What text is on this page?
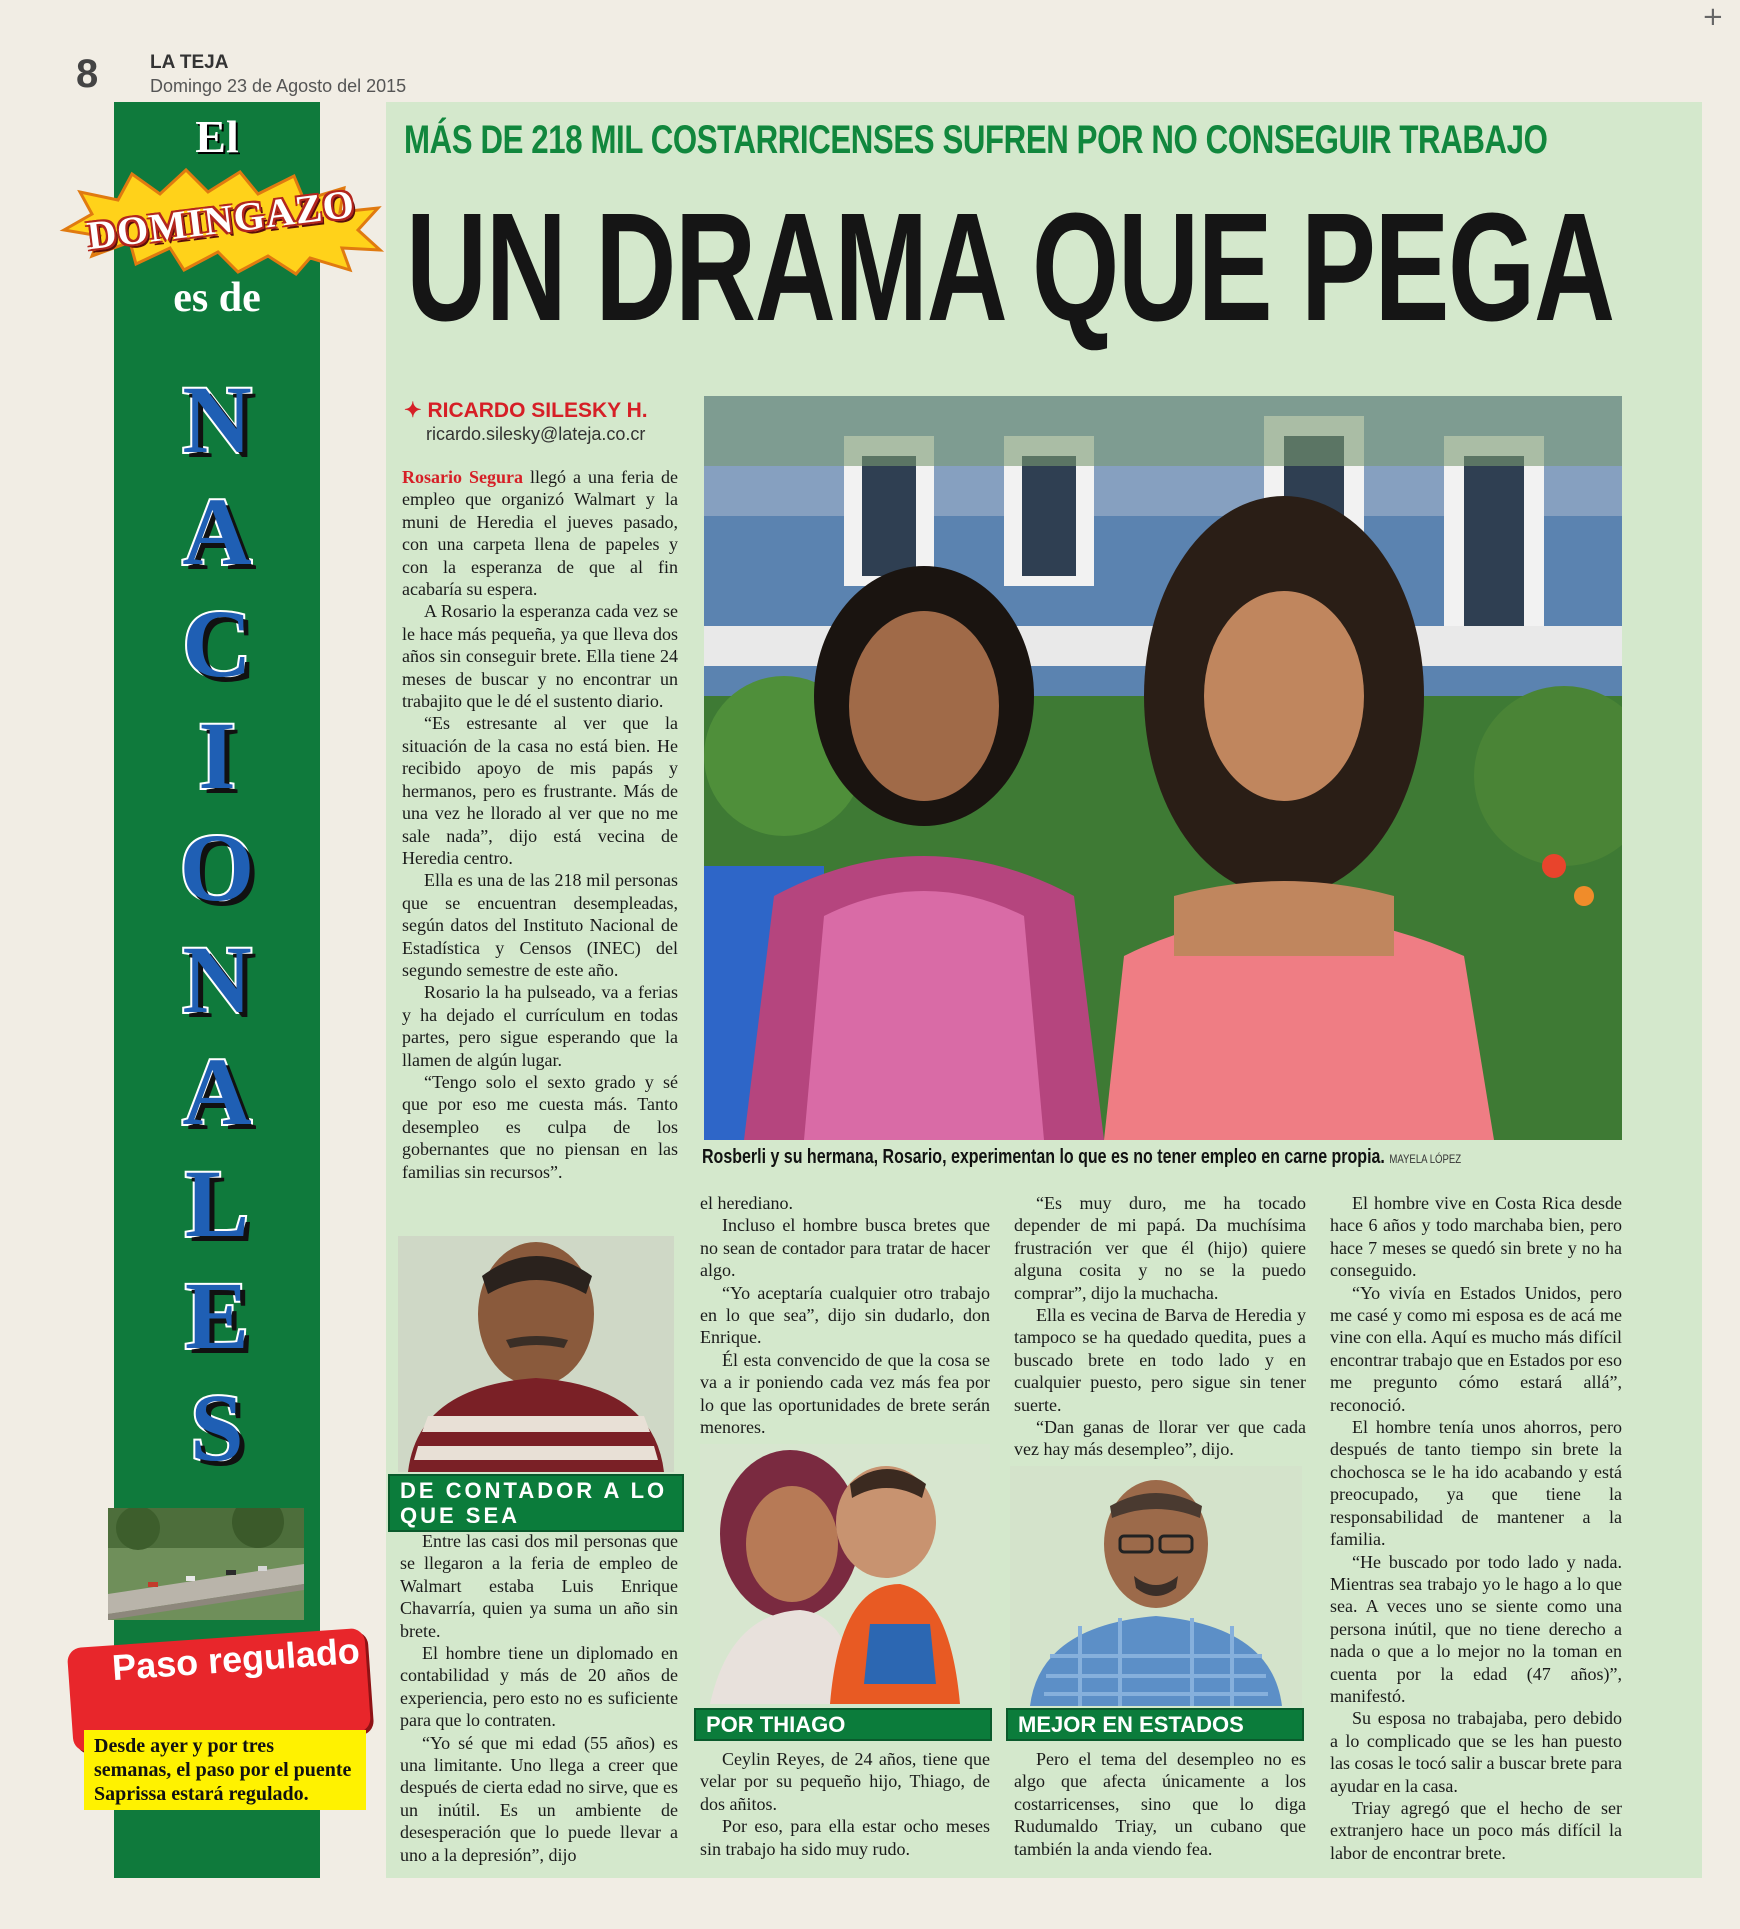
8	LA TEJA
Domingo 23 de Agosto del 2015
+
El
DOMINGAZO
es de
N
A
C
I
O
N
A
L
E
S
Paso regulado
Desde ayer y por tres semanas, el paso por el puente Saprissa estará regulado.
MÁS DE 218 MIL COSTARRICENSES SUFREN POR NO CONSEGUIR TRABAJO
UN DRAMA QUE PEGA
✦ RICARDO SILESKY H.
ricardo.silesky@lateja.co.cr

Rosario Segura llegó a una feria de empleo que organizó Walmart y la muni de Heredia el jueves pasado, con una carpeta llena de papeles y con la esperanza de que al fin acabaría su espera.

A Rosario la esperanza cada vez se le hace más pequeña, ya que lleva dos años sin conseguir brete. Ella tiene 24 meses de buscar y no encontrar un trabajito que le dé el sustento diario.

“Es estresante al ver que la situación de la casa no está bien. He recibido apoyo de mis papás y hermanos, pero es frustrante. Más de una vez he llorado al ver que no me sale nada”, dijo está vecina de Heredia centro.

Ella es una de las 218 mil personas que se encuentran desempleadas, según datos del Instituto Nacional de Estadística y Censos (INEC) del segundo semestre de este año.

Rosario la ha pulseado, va a ferias y ha dejado el currículum en todas partes, pero sigue esperando que la llamen de algún lugar.

“Tengo solo el sexto grado y sé que por eso me cuesta más. Tanto desempleo es culpa de los gobernantes que no piensan en las familias sin recursos”.

Rosberli y su hermana, Rosario, experimentan lo que es no tener empleo en carne propia. MAYELA LÓPEZ
DE CONTADOR A LO QUE SEA

Entre las casi dos mil personas que se llegaron a la feria de empleo de Walmart estaba Luis Enrique Chavarría, quien ya suma un año sin brete.

El hombre tiene un diplomado en contabilidad y más de 20 años de experiencia, pero esto no es suficiente para que lo contraten.

“Yo sé que mi edad (55 años) es una limitante. Uno llega a creer que después de cierta edad no sirve, que es un inútil. Es un ambiente de desesperación que lo puede llevar a uno a la depresión”, dijo

el herediano.

Incluso el hombre busca bretes que no sean de contador para tratar de hacer algo.

“Yo aceptaría cualquier otro trabajo en lo que sea”, dijo sin dudarlo, don Enrique.

Él esta convencido de que la cosa se va a ir poniendo cada vez más fea por lo que las oportunidades de brete serán menores.

POR THIAGO

Ceylin Reyes, de 24 años, tiene que velar por su pequeño hijo, Thiago, de dos añitos.

Por eso, para ella estar ocho meses sin trabajo ha sido muy rudo.

“Es muy duro, me ha tocado depender de mi papá. Da muchísima frustración ver que él (hijo) quiere alguna cosita y no se la puedo comprar”, dijo la muchacha.

Ella es vecina de Barva de Heredia y tampoco se ha quedado quedita, pues a buscado brete en todo lado y en cualquier puesto, pero sigue sin tener suerte.

“Dan ganas de llorar ver que cada vez hay más desempleo”, dijo.

MEJOR EN ESTADOS

Pero el tema del desempleo no es algo que afecta únicamente a los costarricenses, sino que lo diga Rudumaldo Triay, un cubano que también la anda viendo fea.

El hombre vive en Costa Rica desde hace 6 años y todo marchaba bien, pero hace 7 meses se quedó sin brete y no ha conseguido.

“Yo vivía en Estados Unidos, pero me casé y como mi esposa es de acá me vine con ella. Aquí es mucho más difícil encontrar trabajo que en Estados por eso me pregunto cómo estará allá”, reconoció.

El hombre tenía unos ahorros, pero después de tanto tiempo sin brete la chochosca se le ha ido acabando y está preocupado, ya que tiene la responsabilidad de mantener a la familia.

“He buscado por todo lado y nada. Mientras sea trabajo yo le hago a lo que sea. A veces uno se siente como una persona inútil, que no tiene derecho a nada o que a lo mejor no la toman en cuenta por la edad (47 años)”, manifestó.

Su esposa no trabajaba, pero debido a lo complicado que se les han puesto las cosas le tocó salir a buscar brete para ayudar en la casa.

Triay agregó que el hecho de ser extranjero hace un poco más difícil la labor de encontrar brete.
